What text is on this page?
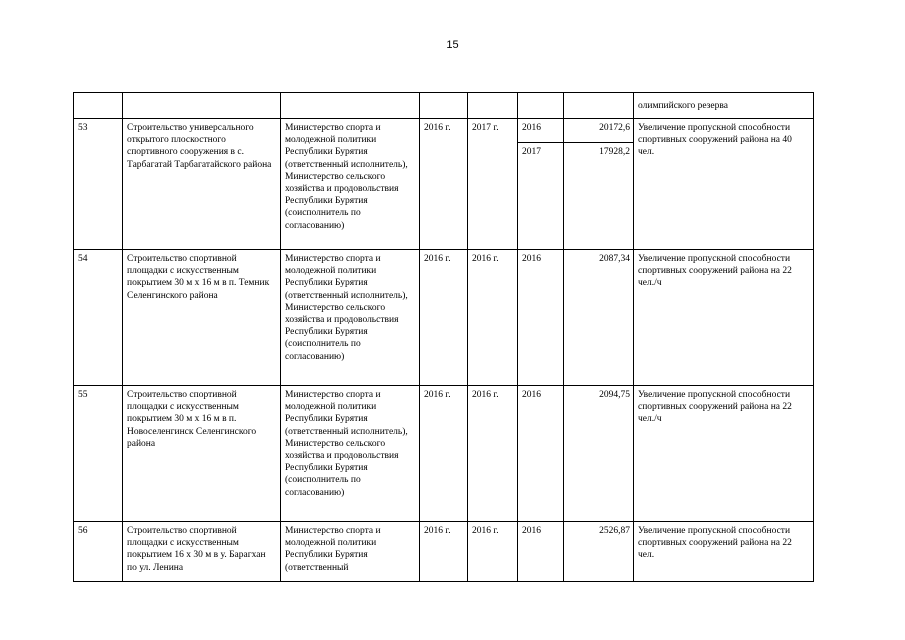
15
							олимпийского резерва
53	Строительство универсального открытого плоскостного спортивного сооружения в с. Тарбагатай Тарбагатайского района	Министерство спорта и молодежной политики Республики Бурятия (ответственный исполнитель), Министерство сельского хозяйства и продовольствия Республики Бурятия (соисполнитель по согласованию)	2016 г.	2017 г.	2016	20172,6	Увеличение пропускной способности спортивных сооружений района на 40 чел.
					2017	17928,2	
54	Строительство спортивной площадки с искусственным покрытием 30 м х 16 м в п. Темник Селенгинского района	Министерство спорта и молодежной политики Республики Бурятия (ответственный исполнитель), Министерство сельского хозяйства и продовольствия Республики Бурятия (соисполнитель по согласованию)	2016 г.	2016 г.	2016	2087,34	Увеличение пропускной способности спортивных сооружений района на 22 чел./ч
55	Строительство спортивной площадки с искусственным покрытием 30 м х 16 м в п. Новоселенгинск Селенгинского района	Министерство спорта и молодежной политики Республики Бурятия (ответственный исполнитель), Министерство сельского хозяйства и продовольствия Республики Бурятия (соисполнитель по согласованию)	2016 г.	2016 г.	2016	2094,75	Увеличение пропускной способности спортивных сооружений района на 22 чел./ч
56	Строительство спортивной площадки с искусственным покрытием 16 х 30 м в у. Барагхан по ул. Ленина	Министерство спорта и молодежной политики Республики Бурятия (ответственный	2016 г.	2016 г.	2016	2526,87	Увеличение пропускной способности спортивных сооружений района на 22 чел.
